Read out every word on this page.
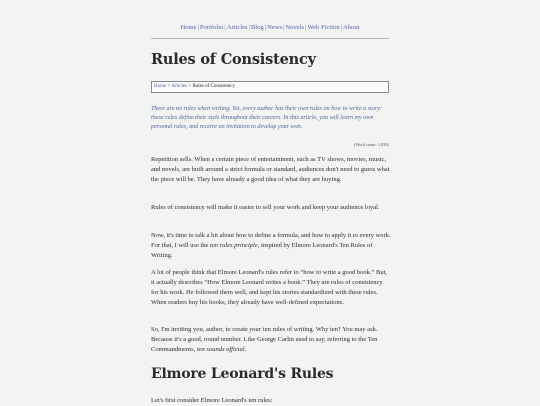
Home|Portfolio|Articles|Blog|News|Novels|Web Fiction|About
Rules of Consistency
Home > Articles > Rules of Consistency

There are no rules when writing. Yet, every author has their own rules on how to write a story: these rules define their style throughout their careers. In this article, you will learn my own personal rules, and receive an invitation to develop your own.

(Word count: 1,838)

Repetition sells. When a certain piece of entertainment, such as TV shows, movies, music, and novels, are built around a strict formula or standard, audiences don't need to guess what the piece will be. They have already a good idea of what they are buying.

Rules of consistency will make it easier to sell your work and keep your audience loyal.

Now, it's time to talk a bit about how to define a formula, and how to apply it to every work. For that, I will use the ten rules principle, inspired by Elmore Leonard's Ten Rules of Writing.

A lot of people think that Elmore Leonard's rules refer to “how to write a good book.” But, it actually describes “How Elmore Leonard writes a book.” They are rules of consistency for his work. He followed them well, and kept his stories standardized with these rules. When readers buy his books, they already have well-defined expectations.

So, I'm inviting you, author, to create your ten rules of writing. Why ten? You may ask. Because it's a good, round number. Like George Carlin used to say, referring to the Ten Commandments, ten sounds official.

Elmore Leonard's Rules

Let's first consider Elmore Leonard's ten rules:
